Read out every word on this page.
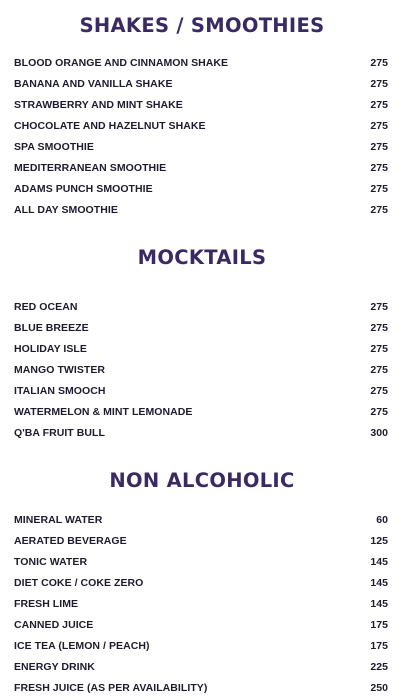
SHAKES / SMOOTHIES
BLOOD ORANGE AND CINNAMON SHAKE	275
BANANA AND VANILLA SHAKE	275
STRAWBERRY AND MINT SHAKE	275
CHOCOLATE AND HAZELNUT SHAKE	275
SPA SMOOTHIE	275
MEDITERRANEAN SMOOTHIE	275
ADAMS PUNCH SMOOTHIE	275
ALL DAY SMOOTHIE	275
MOCKTAILS
RED OCEAN	275
BLUE BREEZE	275
HOLIDAY ISLE	275
MANGO TWISTER	275
ITALIAN SMOOCH	275
WATERMELON & MINT LEMONADE	275
Q'BA FRUIT BULL	300
NON ALCOHOLIC
MINERAL WATER	60
AERATED BEVERAGE	125
TONIC WATER	145
DIET COKE / COKE ZERO	145
FRESH LIME	145
CANNED JUICE	175
ICE TEA (LEMON / PEACH)	175
ENERGY DRINK	225
FRESH JUICE (AS PER AVAILABILITY)	250
